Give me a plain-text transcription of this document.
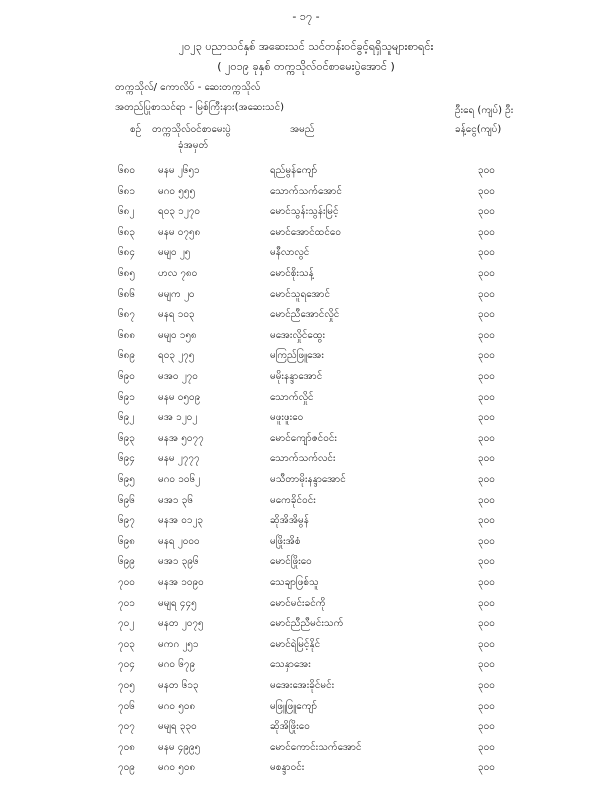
- ၁၇ -
၂၀၂၃ ပညာသင်နှစ် အဆေးသင် သင်တန်းဝင်ခွင့်ရရှိသူများစာရင်း
( ၂၀၁၉ ခုနှစ် တက္ကသိုလ်ဝင်စာမေးပွဲအောင် )
တက္ကသိုလ်/ ကောလိပ် - ဆေးတက္ကသိုလ်
အတည်ပြုစာသင်ရာ - မြစ်ကြီးနား(အဆေးသင်)	ဦးရေ (ကျပ်) ဦး
စဉ် တက္ကသိုလ်ဝင်စာမေးပွဲ
ခုံအမှတ်
အမည်	ခန့်ငွေ(ကျပ်)
၆၈၀ မနမ ၂၆၅၁	ရည်မွန်ကျော်	၃၀၀
၆၈၁ မဂ၀ ၅၅၅	သောက်သက်အောင်	၃၀၀
၆၈၂ ရဝ၃ ၁၂၇၀	မောင်သွန်းသွန်းမြင့်	၃၀၀
၆၈၃ မနမ ၀၇၅၈	မောင်အောင်ထင်ဝေ	၃၀၀
၆၈၄ မမျ၀ ၂၅	မနီလာလွင်	၃၀၀
၆၈၅ ဟလ ၇၈၀	မောင်စိုးသန့်	၃၀၀
၆၈၆ မမျက ၂၀	မောင်သူရအောင်	၃၀၀
၆၈၇ မနရ ၁၀၃	မောင်ညီအောင်လှိုင်	၃၀၀
၆၈၈ မမျ၀ ၁၅၈	မအေးလှိုင်ထွေး	၃၀၀
၆၈၉ ရဝ၃ ၂၇၅	မကြည်ဖြူအေး	၃၀၀
၆၉၀ မအ၀ ၂၇၀	မမိုးနန္ဒာအောင်	၃၀၀
၆၉၁ မနမ ၀၅၀၉	သောက်လှိုင်	၃၀၀
၆၉၂ မအ ၁၂၀၂	မဖူးဖူးဝေ	၃၀၀
၆၉၃ မနအ ၅၀၇၇	မောင်ကျော်ဇင်ဝင်း	၃၀၀
၆၉၄ မနမ ၂၇၇၇	သောက်သက်လင်း	၃၀၀
၆၉၅ မဂ၀ ၁၀၆၂	မသီတာမိုးနန္ဒာအောင်	၃၀၀
၆၉၆ မအ၁ ၃၆	မကေခိုင်ဝင်း	၃၀၀
၆၉၇ မနအ ၀၁၂၃	ဆိုအိအိမွန်	၃၀၀
၆၉၈ မနရ ၂၀၀၀	မဖြိုးအိစံ	၃၀၀
၆၉၉ မအ၁ ၃၉၆	မောင်ဖြိုးဝေ	၃၀၀
၇၀၀ မနအ ၁၀၉၀	သေချာဖြစ်သူ	၃၀၀
၇၀၁ မမျရ ၄၄၅	မောင်မင်းခင်ကို	၃၀၀
၇၀၂ မနတ ၂၀၇၅	မောင်ညီညီမင်းသက်	၃၀၀
၇၀၃ မကဂ ၂၅၁	မောင်ရဲမြင့်နိုင်	၃၀၀
၇၀၄ မဂ၀ ၆၇၉	သေနှာအေး	၃၀၀
၇၀၅ မနတ ၆၁၃	မအေးအေးခိုင်မင်း	၃၀၀
၇၀၆ မဂ၀ ၅၀၈	မဖြူဖြူကျော်	၃၀၀
၇၀၇ မမျရ ၃၃၀	ဆိုအိဖြိုးဝေ	၃၀၀
၇၀၈ မနမ ၄၉၉၅	မောင်ကောင်းသက်အောင်	၃၀၀
၇၀၉ မဂ၀ ၅၀၈	မစန္ဒာဝင်း	၃၀၀
